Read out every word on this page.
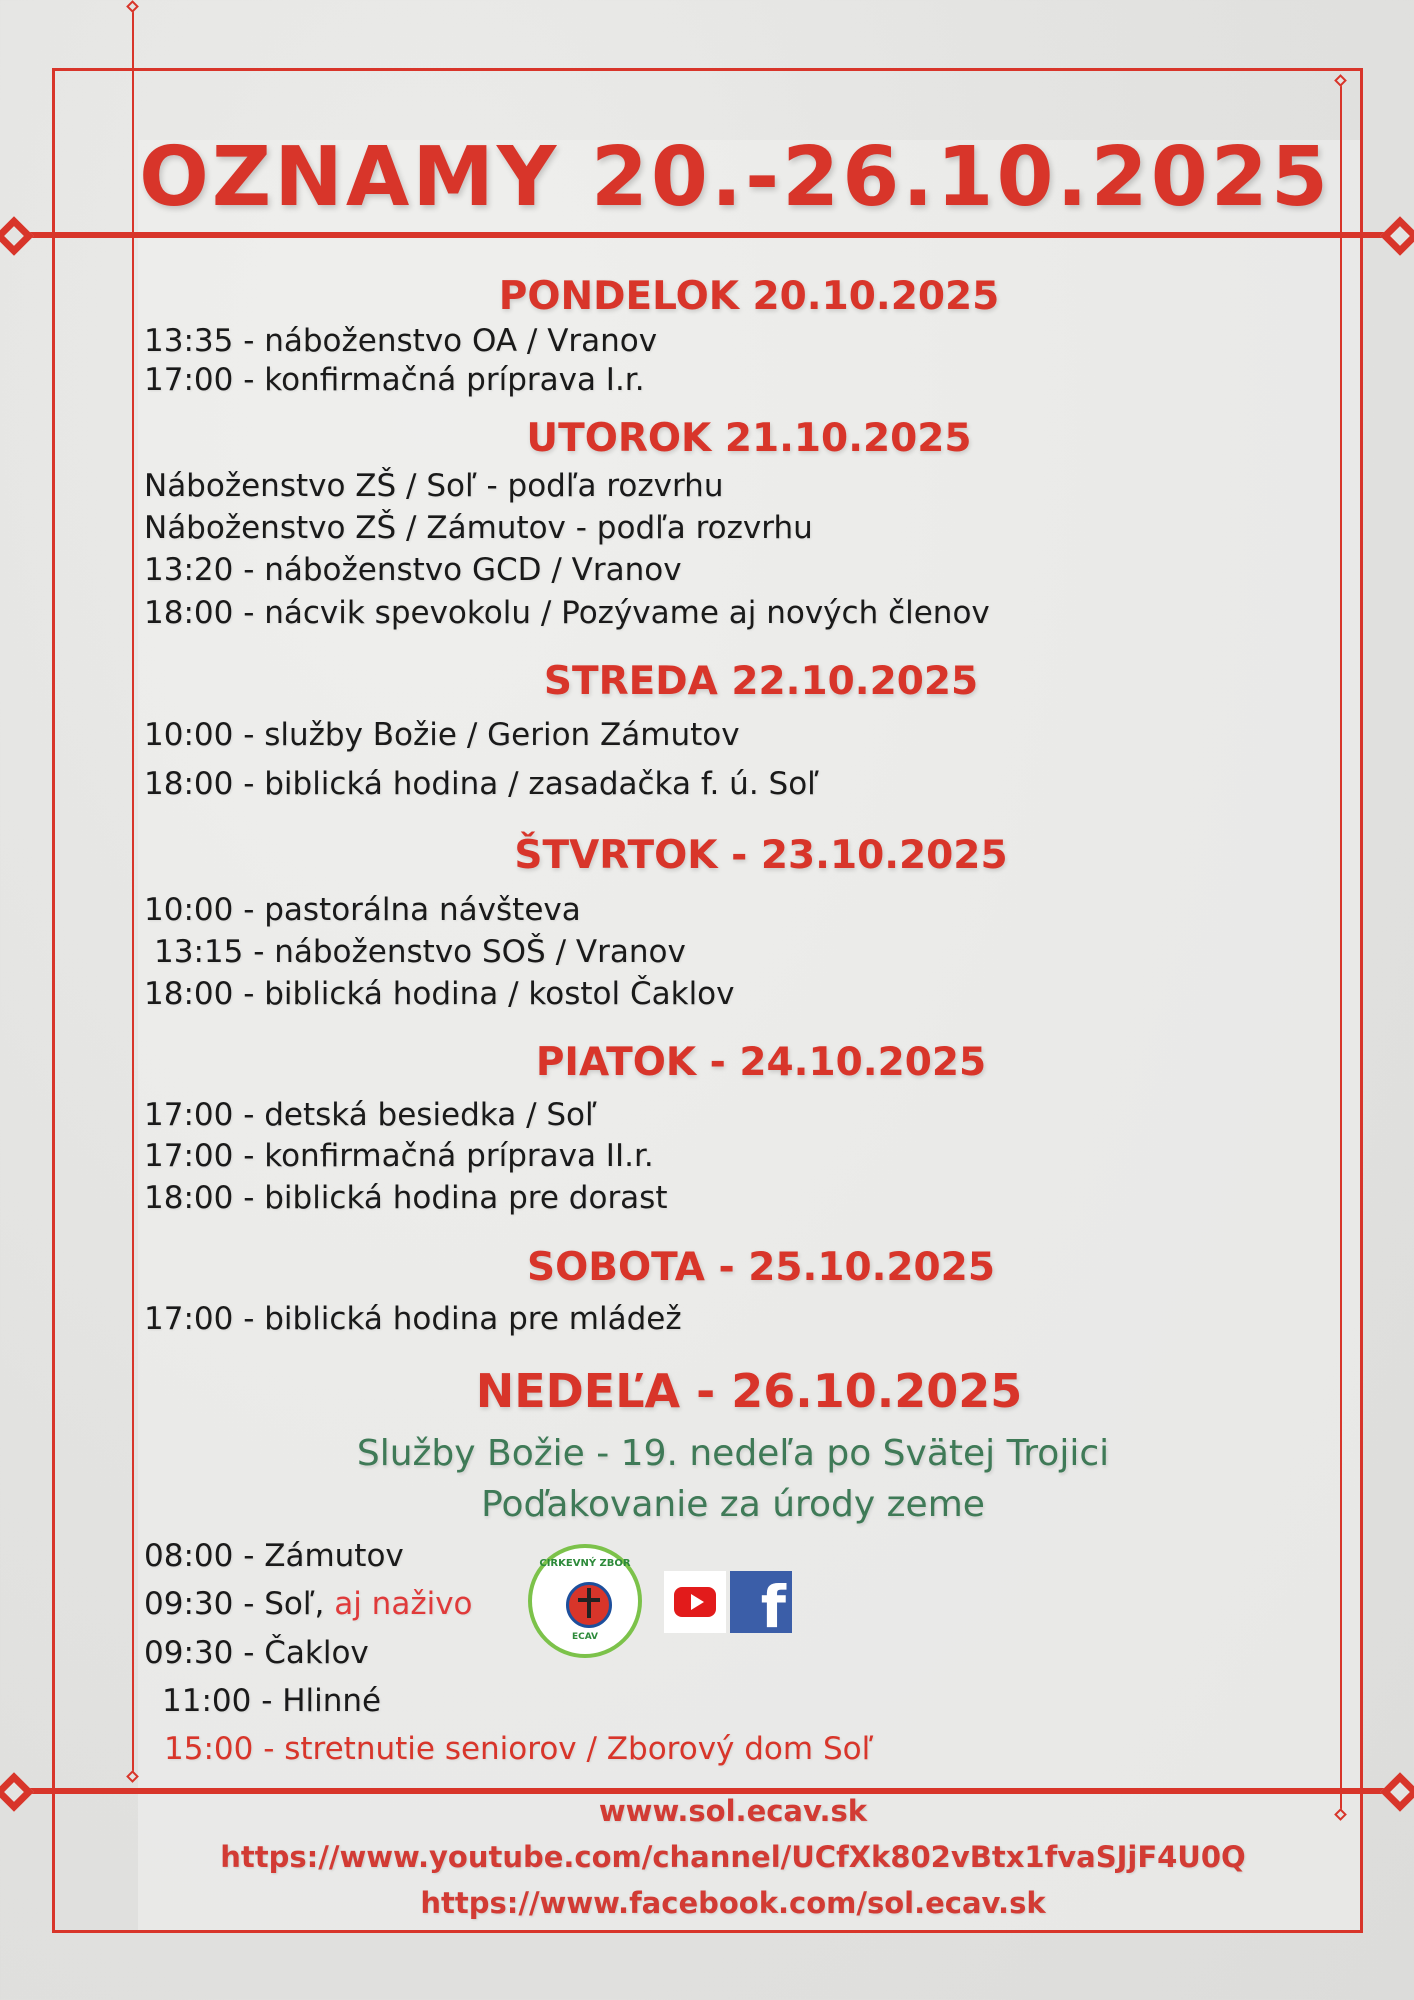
OZNAMY 20.-26.10.2025
PONDELOK 20.10.2025
13:35 - náboženstvo OA / Vranov
17:00 - konfirmačná príprava I.r.
UTOROK 21.10.2025
Náboženstvo ZŠ / Soľ - podľa rozvrhu
Náboženstvo ZŠ / Zámutov - podľa rozvrhu
13:20 - náboženstvo GCD / Vranov
18:00 - nácvik spevokolu / Pozývame aj nových členov
STREDA 22.10.2025
10:00 - služby Božie / Gerion Zámutov
18:00 - biblická hodina / zasadačka f. ú. Soľ
ŠTVRTOK - 23.10.2025
10:00 - pastorálna návšteva
13:15 - náboženstvo SOŠ / Vranov
18:00 - biblická hodina / kostol Čaklov
PIATOK - 24.10.2025
17:00 - detská besiedka / Soľ
17:00 - konfirmačná príprava II.r.
18:00 - biblická hodina pre dorast
SOBOTA - 25.10.2025
17:00 - biblická hodina pre mládež
NEDEĽA - 26.10.2025
Služby Božie - 19. nedeľa po Svätej Trojici
Poďakovanie za úrody zeme
08:00 - Zámutov
09:30 - Soľ, aj naživo
09:30 - Čaklov
11:00 - Hlinné
15:00 - stretnutie seniorov / Zborový dom Soľ
CIRKEVNÝ ZBOR
ECAV	f
www.sol.ecav.sk
https://www.youtube.com/channel/UCfXk802vBtx1fvaSJjF4U0Q
https://www.facebook.com/sol.ecav.sk
